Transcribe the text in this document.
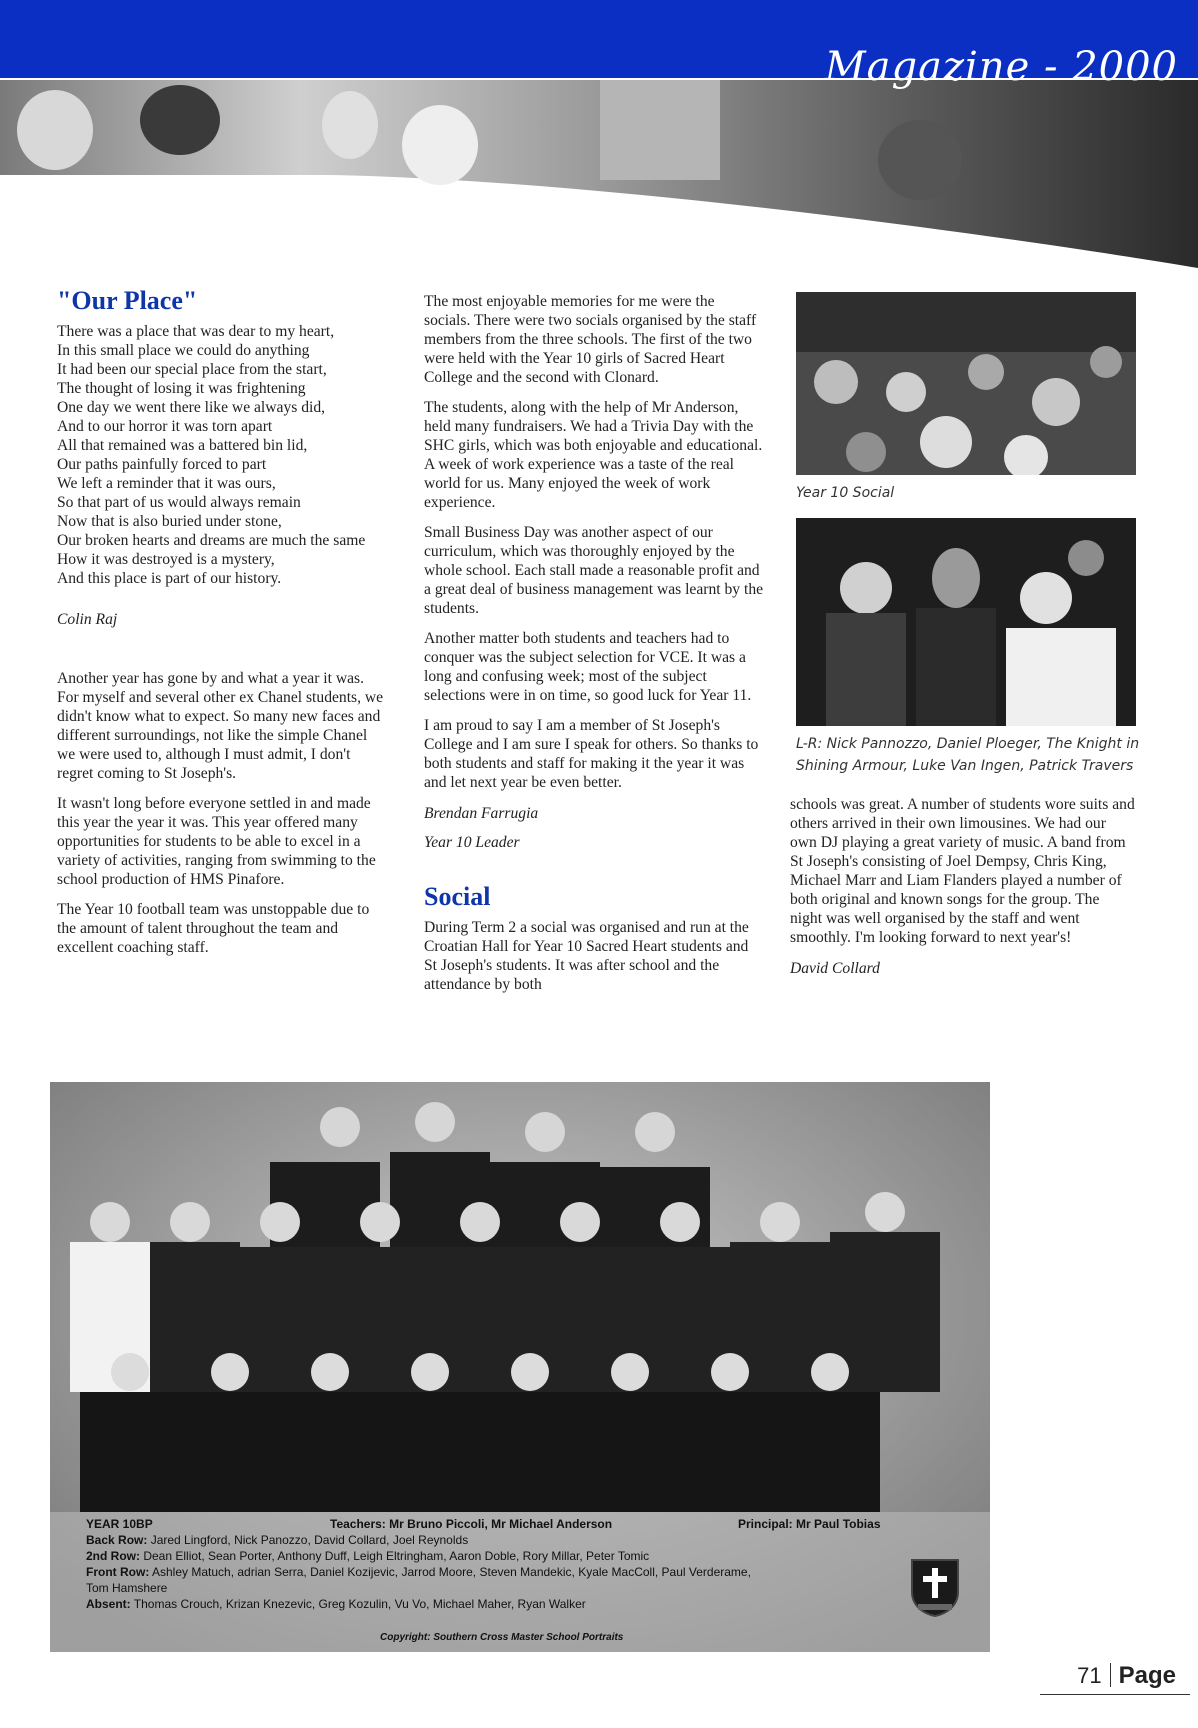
Magazine - 2000
"Our Place"
There was a place that was dear to my heart,
In this small place we could do anything
It had been our special place from the start,
The thought of losing it was frightening
One day we went there like we always did,
And to our horror it was torn apart
All that remained was a battered bin lid,
Our paths painfully forced to part
We left a reminder that it was ours,
So that part of us would always remain
Now that is also buried under stone,
Our broken hearts and dreams are much the same
How it was destroyed is a mystery,
And this place is part of our history.

Colin Raj

Another year has gone by and what a year it was. For myself and several other ex Chanel students, we didn't know what to expect. So many new faces and different surroundings, not like the simple Chanel we were used to, although I must admit, I don't regret coming to St Joseph's.

It wasn't long before everyone settled in and made this year the year it was. This year offered many opportunities for students to be able to excel in a variety of activities, ranging from swimming to the school production of HMS Pinafore.

The Year 10 football team was unstoppable due to the amount of talent throughout the team and excellent coaching staff.

The most enjoyable memories for me were the socials. There were two socials organised by the staff members from the three schools. The first of the two were held with the Year 10 girls of Sacred Heart College and the second with Clonard.

The students, along with the help of Mr Anderson, held many fundraisers. We had a Trivia Day with the SHC girls, which was both enjoyable and educational. A week of work experience was a taste of the real world for us. Many enjoyed the week of work experience.

Small Business Day was another aspect of our curriculum, which was thoroughly enjoyed by the whole school. Each stall made a reasonable profit and a great deal of business management was learnt by the students.

Another matter both students and teachers had to conquer was the subject selection for VCE. It was a long and confusing week; most of the subject selections were in on time, so good luck for Year 11.

I am proud to say I am a member of St Joseph's College and I am sure I speak for others. So thanks to both students and staff for making it the year it was and let next year be even better.

Brendan Farrugia

Year 10 Leader

Social

During Term 2 a social was organised and run at the Croatian Hall for Year 10 Sacred Heart students and St Joseph's students. It was after school and the attendance by both

Year 10 Social
L-R: Nick Pannozzo, Daniel Ploeger, The Knight in
Shining Armour, Luke Van Ingen, Patrick Travers

schools was great. A number of students wore suits and others arrived in their own limousines. We had our own DJ playing a great variety of music. A band from St Joseph's consisting of Joel Dempsy, Chris King, Michael Marr and Liam Flanders played a number of both original and known songs for the group. The night was well organised by the staff and went smoothly. I'm looking forward to next year's!

David Collard

YEAR 10BP	Teachers: Mr Bruno Piccoli, Mr Michael Anderson	Principal: Mr Paul Tobias
Back Row: Jared Lingford, Nick Panozzo, David Collard, Joel Reynolds
2nd Row: Dean Elliot, Sean Porter, Anthony Duff, Leigh Eltringham, Aaron Doble, Rory Millar, Peter Tomic
Front Row: Ashley Matuch, adrian Serra, Daniel Kozijevic, Jarrod Moore, Steven Mandekic, Kyale MacColl, Paul Verderame,
Tom Hamshere
Absent: Thomas Crouch, Krizan Knezevic, Greg Kozulin, Vu Vo, Michael Maher, Ryan Walker
Copyright: Southern Cross Master School Portraits
71 Page
